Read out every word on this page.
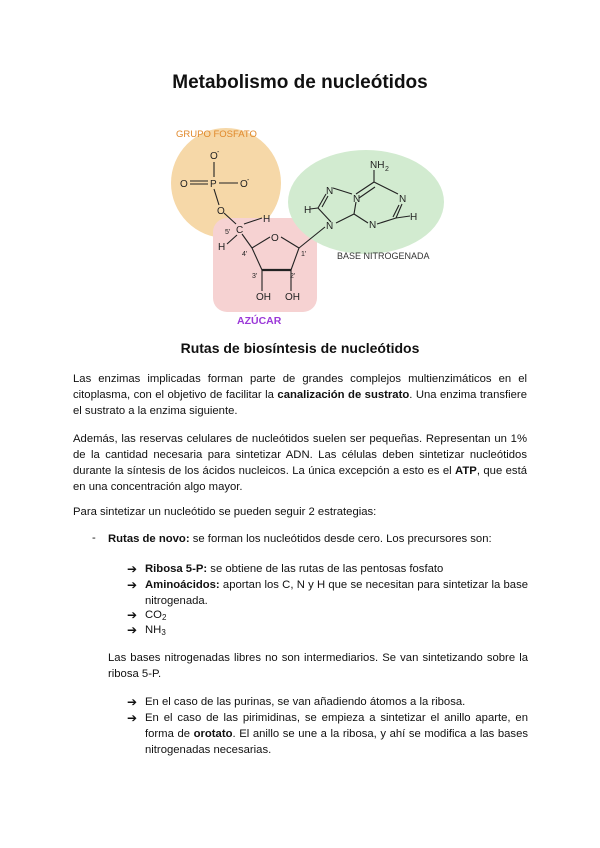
Metabolismo de nucleótidos
GRUPO FOSFATO
AZÚCAR
BASE NITROGENADA
O -
O P O -
O
5' C
H
H
O
4'	1'
3'	2'
OH OH
NH 2
N
N
N
N
N
H
H
Rutas de biosíntesis de nucleótidos
Las enzimas implicadas forman parte de grandes complejos multienzimáticos en el citoplasma, con el objetivo de facilitar la canalización de sustrato. Una enzima transfiere el sustrato a la enzima siguiente.
Además, las reservas celulares de nucleótidos suelen ser pequeñas. Representan un 1% de la cantidad necesaria para sintetizar ADN. Las células deben sintetizar nucleótidos durante la síntesis de los ácidos nucleicos. La única excepción a esto es el ATP, que está en una concentración algo mayor.
Para sintetizar un nucleótido se pueden seguir 2 estrategias:
- Rutas de novo: se forman los nucleótidos desde cero. Los precursores son:
➔ Ribosa 5-P: se obtiene de las rutas de las pentosas fosfato
➔ Aminoácidos: aportan los C, N y H que se necesitan para sintetizar la base nitrogenada.
➔ $CO_2$
➔ $NH_3$
Las bases nitrogenadas libres no son intermediarios. Se van sintetizando sobre la ribosa 5-P.
➔ En el caso de las purinas, se van añadiendo átomos a la ribosa.
➔ En el caso de las pirimidinas, se empieza a sintetizar el anillo aparte, en forma de orotato. El anillo se une a la ribosa, y ahí se modifica a las bases nitrogenadas necesarias.
